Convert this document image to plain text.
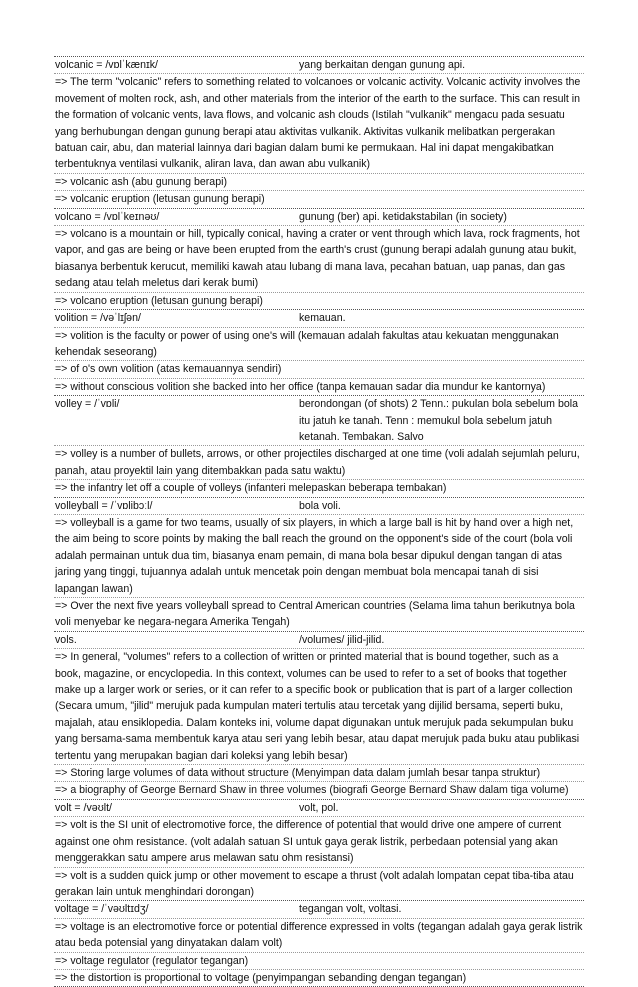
volcanic = /vɒlˈkænɪk/	yang berkaitan dengan gunung api.
=> The term "volcanic" refers to something related to volcanoes or volcanic activity. Volcanic activity involves the movement of molten rock, ash, and other materials from the interior of the earth to the surface. This can result in the formation of volcanic vents, lava flows, and volcanic ash clouds (Istilah "vulkanik" mengacu pada sesuatu yang berhubungan dengan gunung berapi atau aktivitas vulkanik. Aktivitas vulkanik melibatkan pergerakan batuan cair, abu, dan material lainnya dari bagian dalam bumi ke permukaan. Hal ini dapat mengakibatkan terbentuknya ventilasi vulkanik, aliran lava, dan awan abu vulkanik)
=> volcanic ash (abu gunung berapi)
=> volcanic eruption (letusan gunung berapi)
volcano = /vɒlˈkeɪnəʊ/	gunung (ber) api. ketidakstabilan (in society)
=> volcano is a mountain or hill, typically conical, having a crater or vent through which lava, rock fragments, hot vapor, and gas are being or have been erupted from the earth's crust (gunung berapi adalah gunung atau bukit, biasanya berbentuk kerucut, memiliki kawah atau lubang di mana lava, pecahan batuan, uap panas, dan gas sedang atau telah meletus dari kerak bumi)
=> volcano eruption (letusan gunung berapi)
volition = /vəˈlɪʃən/	kemauan.
=> volition is the faculty or power of using one's will (kemauan adalah fakultas atau kekuatan menggunakan kehendak seseorang)
=> of o's own volition (atas kemauannya sendiri)
=> without conscious volition she backed into her office (tanpa kemauan sadar dia mundur ke kantornya)
volley = /ˈvɒli/	berondongan (of shots) 2 Tenn.: pukulan bola sebelum bola itu jatuh ke tanah. Tenn : memukul bola sebelum jatuh ketanah. Tembakan. Salvo
=> volley is a number of bullets, arrows, or other projectiles discharged at one time (voli adalah sejumlah peluru, panah, atau proyektil lain yang ditembakkan pada satu waktu)
=> the infantry let off a couple of volleys (infanteri melepaskan beberapa tembakan)
volleyball = /ˈvɒlibɔːl/	bola voli.
=> volleyball is a game for two teams, usually of six players, in which a large ball is hit by hand over a high net, the aim being to score points by making the ball reach the ground on the opponent's side of the court (bola voli adalah permainan untuk dua tim, biasanya enam pemain, di mana bola besar dipukul dengan tangan di atas jaring yang tinggi, tujuannya adalah untuk mencetak poin dengan membuat bola mencapai tanah di sisi lapangan lawan)
=> Over the next five years volleyball spread to Central American countries (Selama lima tahun berikutnya bola voli menyebar ke negara-negara Amerika Tengah)
vols.	/volumes/ jilid-jilid.
=> In general, "volumes" refers to a collection of written or printed material that is bound together, such as a book, magazine, or encyclopedia. In this context, volumes can be used to refer to a set of books that together make up a larger work or series, or it can refer to a specific book or publication that is part of a larger collection (Secara umum, "jilid" merujuk pada kumpulan materi tertulis atau tercetak yang dijilid bersama, seperti buku, majalah, atau ensiklopedia. Dalam konteks ini, volume dapat digunakan untuk merujuk pada sekumpulan buku yang bersama-sama membentuk karya atau seri yang lebih besar, atau dapat merujuk pada buku atau publikasi tertentu yang merupakan bagian dari koleksi yang lebih besar)
=> Storing large volumes of data without structure (Menyimpan data dalam jumlah besar tanpa struktur)
=> a biography of George Bernard Shaw in three volumes (biografi George Bernard Shaw dalam tiga volume)
volt = /vəʊlt/	volt, pol.
=> volt is the SI unit of electromotive force, the difference of potential that would drive one ampere of current against one ohm resistance. (volt adalah satuan SI untuk gaya gerak listrik, perbedaan potensial yang akan menggerakkan satu ampere arus melawan satu ohm resistansi)
=> volt is a sudden quick jump or other movement to escape a thrust (volt adalah lompatan cepat tiba-tiba atau gerakan lain untuk menghindari dorongan)
voltage = /ˈvəʊltɪdʒ/	tegangan volt, voltasi.
=> voltage is an electromotive force or potential difference expressed in volts (tegangan adalah gaya gerak listrik atau beda potensial yang dinyatakan dalam volt)
=> voltage regulator (regulator tegangan)
=> the distortion is proportional to voltage (penyimpangan sebanding dengan tegangan)
